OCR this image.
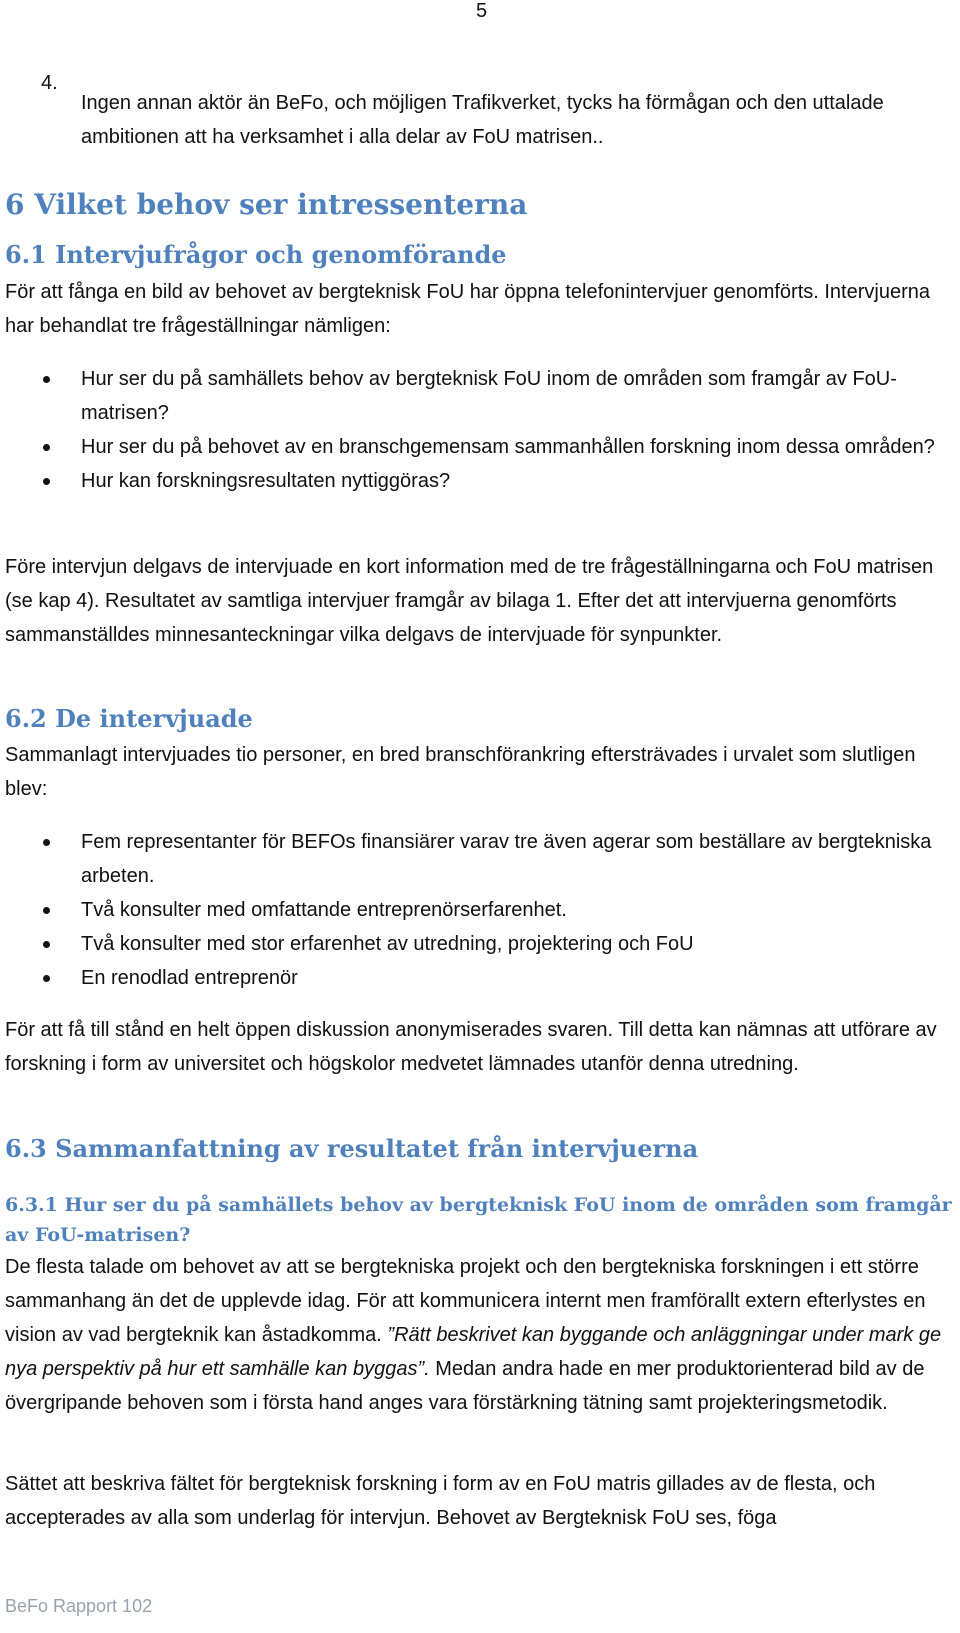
5
4.

Ingen annan aktör än BeFo, och möjligen Trafikverket, tycks ha förmågan och den uttalade ambitionen att ha verksamhet i alla delar av FoU matrisen..

6 Vilket behov ser intressenterna
6.1 Intervjufrågor och genomförande

För att fånga en bild av behovet av bergteknisk FoU har öppna telefonintervjuer genomförts. Intervjuerna har behandlat tre frågeställningar nämligen:

Hur ser du på samhällets behov av bergteknisk FoU inom de områden som framgår av FoU-matrisen?
Hur ser du på behovet av en branschgemensam sammanhållen forskning inom dessa områden?
Hur kan forskningsresultaten nyttiggöras?

Före intervjun delgavs de intervjuade en kort information med de tre frågeställningarna och FoU matrisen (se kap 4). Resultatet av samtliga intervjuer framgår av bilaga 1. Efter det att intervjuerna genomförts sammanställdes minnesanteckningar vilka delgavs de intervjuade för synpunkter.

6.2 De intervjuade

Sammanlagt intervjuades tio personer, en bred branschförankring eftersträvades i urvalet som slutligen blev:

Fem representanter för BEFOs finansiärer varav tre även agerar som beställare av bergtekniska arbeten.
Två konsulter med omfattande entreprenörserfarenhet.
Två konsulter med stor erfarenhet av utredning, projektering och FoU
En renodlad entreprenör

För att få till stånd en helt öppen diskussion anonymiserades svaren. Till detta kan nämnas att utförare av forskning i form av universitet och högskolor medvetet lämnades utanför denna utredning.

6.3 Sammanfattning av resultatet från intervjuerna
6.3.1 Hur ser du på samhällets behov av bergteknisk FoU inom de områden som framgår av FoU-matrisen?

De flesta talade om behovet av att se bergtekniska projekt och den bergtekniska forskningen i ett större sammanhang än det de upplevde idag. För att kommunicera internt men framförallt extern efterlystes en vision av vad bergteknik kan åstadkomma. ”Rätt beskrivet kan byggande och anläggningar under mark ge nya perspektiv på hur ett samhälle kan byggas”. Medan andra hade en mer produktorienterad bild av de övergripande behoven som i första hand anges vara förstärkning tätning samt projekteringsmetodik.

Sättet att beskriva fältet för bergteknisk forskning i form av en FoU matris gillades av de flesta, och accepterades av alla som underlag för intervjun. Behovet av Bergteknisk FoU ses, föga

BeFo Rapport 102
